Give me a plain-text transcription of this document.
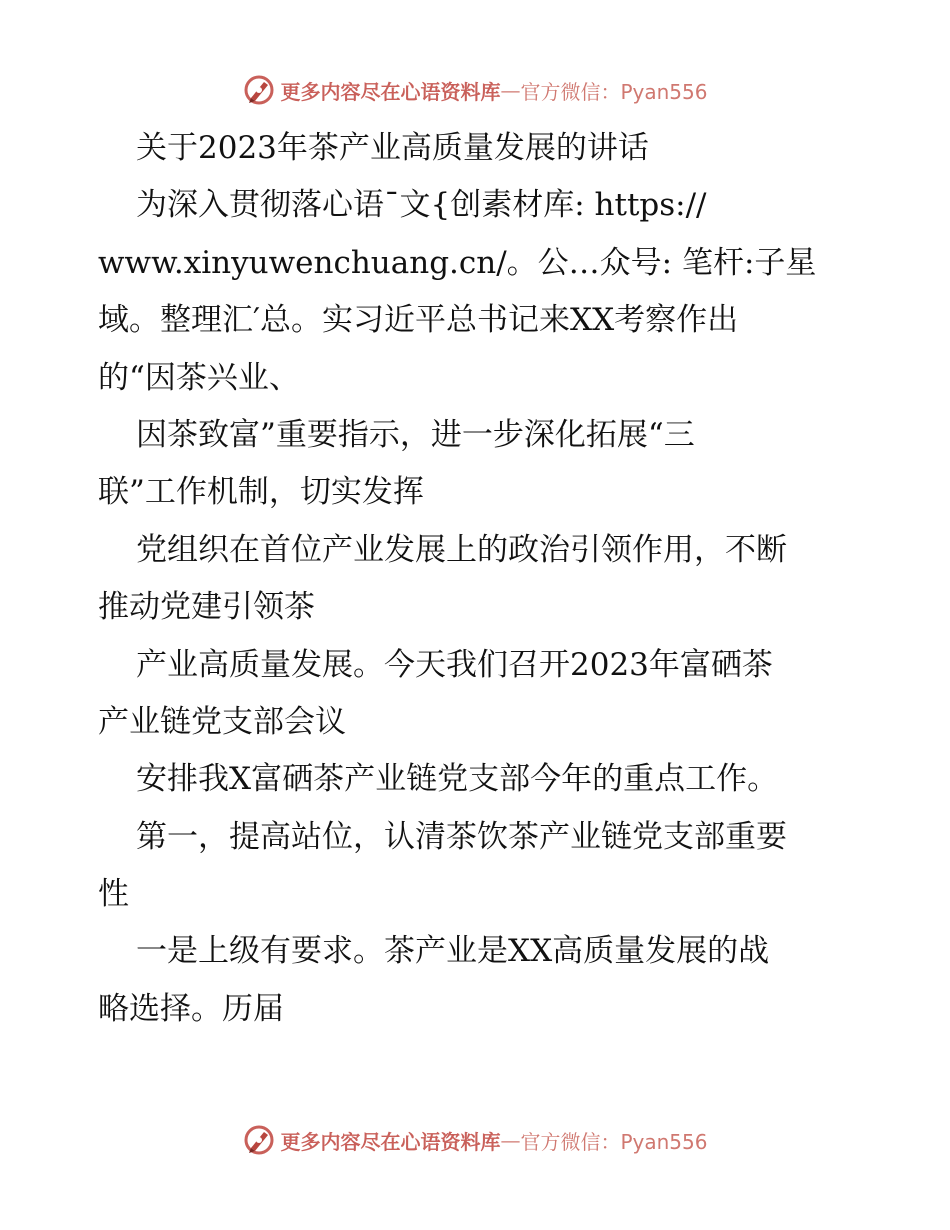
更多内容尽在心语资料库 — 官方微信：Pyan556
关于2023年茶产业高质量发展的讲话
为深入贯彻落心语¯文{创素材库: https://
www.xinyuwenchuang.cn/。公…众号: 笔杆:子星
域。整理汇′总。实习近平总书记来XX考察作出
的“因茶兴业、
因茶致富”重要指示，进一步深化拓展“三
联”工作机制，切实发挥
党组织在首位产业发展上的政治引领作用，不断
推动党建引领茶
产业高质量发展。今天我们召开2023年富硒茶
产业链党支部会议
安排我X富硒茶产业链党支部今年的重点工作。
第一，提高站位，认清茶饮茶产业链党支部重要
性
一是上级有要求。茶产业是XX高质量发展的战
略选择。历届
更多内容尽在心语资料库 — 官方微信：Pyan556
